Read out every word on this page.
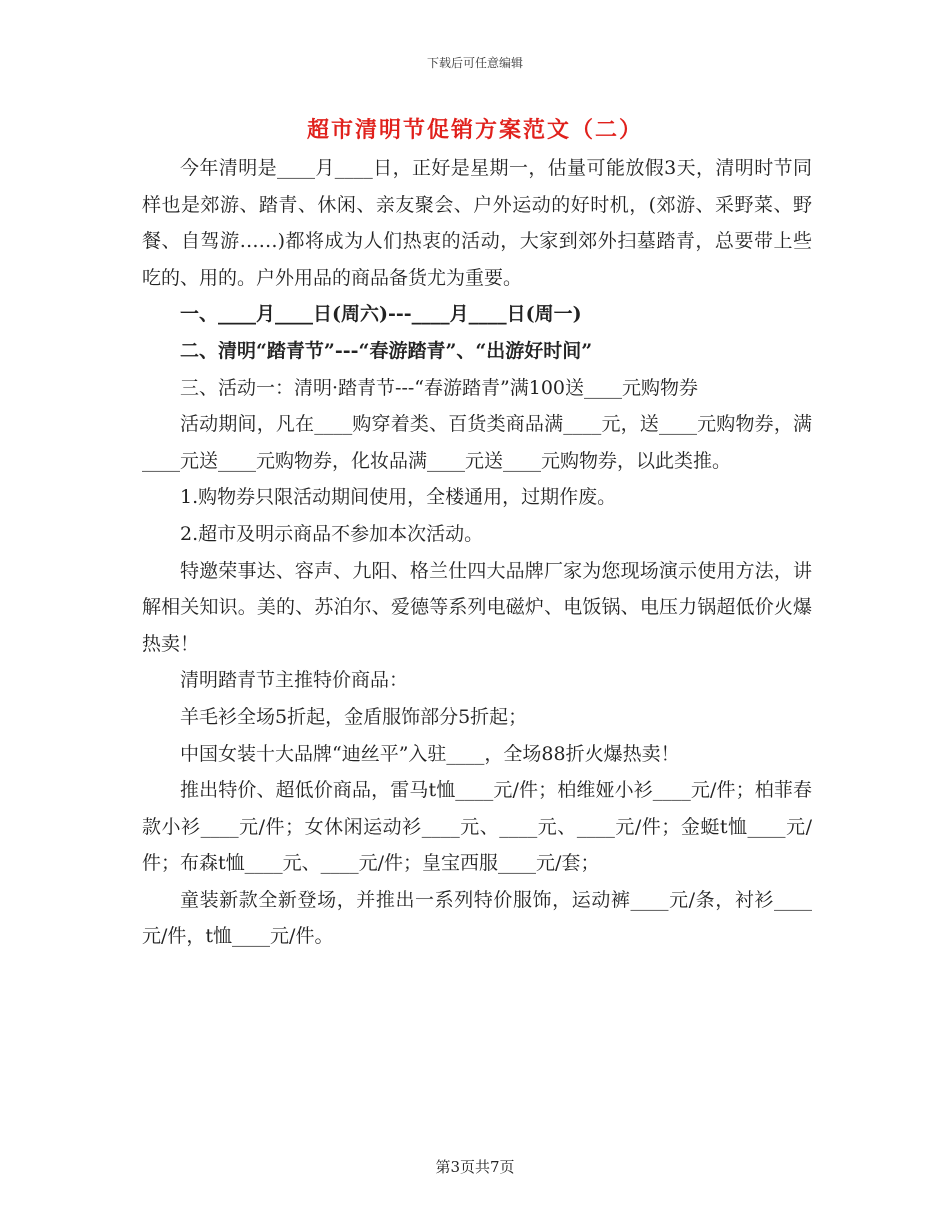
下载后可任意编辑
超市清明节促销方案范文（二）

今年清明是____月____日，正好是星期一，估量可能放假3天，清明时节同样也是郊游、踏青、休闲、亲友聚会、户外运动的好时机，(郊游、采野菜、野餐、自驾游……)都将成为人们热衷的活动，大家到郊外扫墓踏青，总要带上些吃的、用的。户外用品的商品备货尤为重要。

一、____月____日(周六)---____月____日(周一)

二、清明“踏青节”---“春游踏青”、“出游好时间”

三、活动一：清明·踏青节---“春游踏青”满100送____元购物券

活动期间，凡在____购穿着类、百货类商品满____元，送____元购物券，满____元送____元购物券，化妆品满____元送____元购物券，以此类推。

1.购物券只限活动期间使用，全楼通用，过期作废。

2.超市及明示商品不参加本次活动。

特邀荣事达、容声、九阳、格兰仕四大品牌厂家为您现场演示使用方法，讲解相关知识。美的、苏泊尔、爱德等系列电磁炉、电饭锅、电压力锅超低价火爆热卖！

清明踏青节主推特价商品：

羊毛衫全场5折起，金盾服饰部分5折起；

中国女装十大品牌“迪丝平”入驻____，全场88折火爆热卖！

推出特价、超低价商品，雷马t恤____元/件；柏维娅小衫____元/件；柏菲春款小衫____元/件；女休闲运动衫____元、____元、____元/件；金蜓t恤____元/件；布森t恤____元、____元/件；皇宝西服____元/套；

童装新款全新登场，并推出一系列特价服饰，运动裤____元/条，衬衫____元/件，t恤____元/件。

第3页共7页
